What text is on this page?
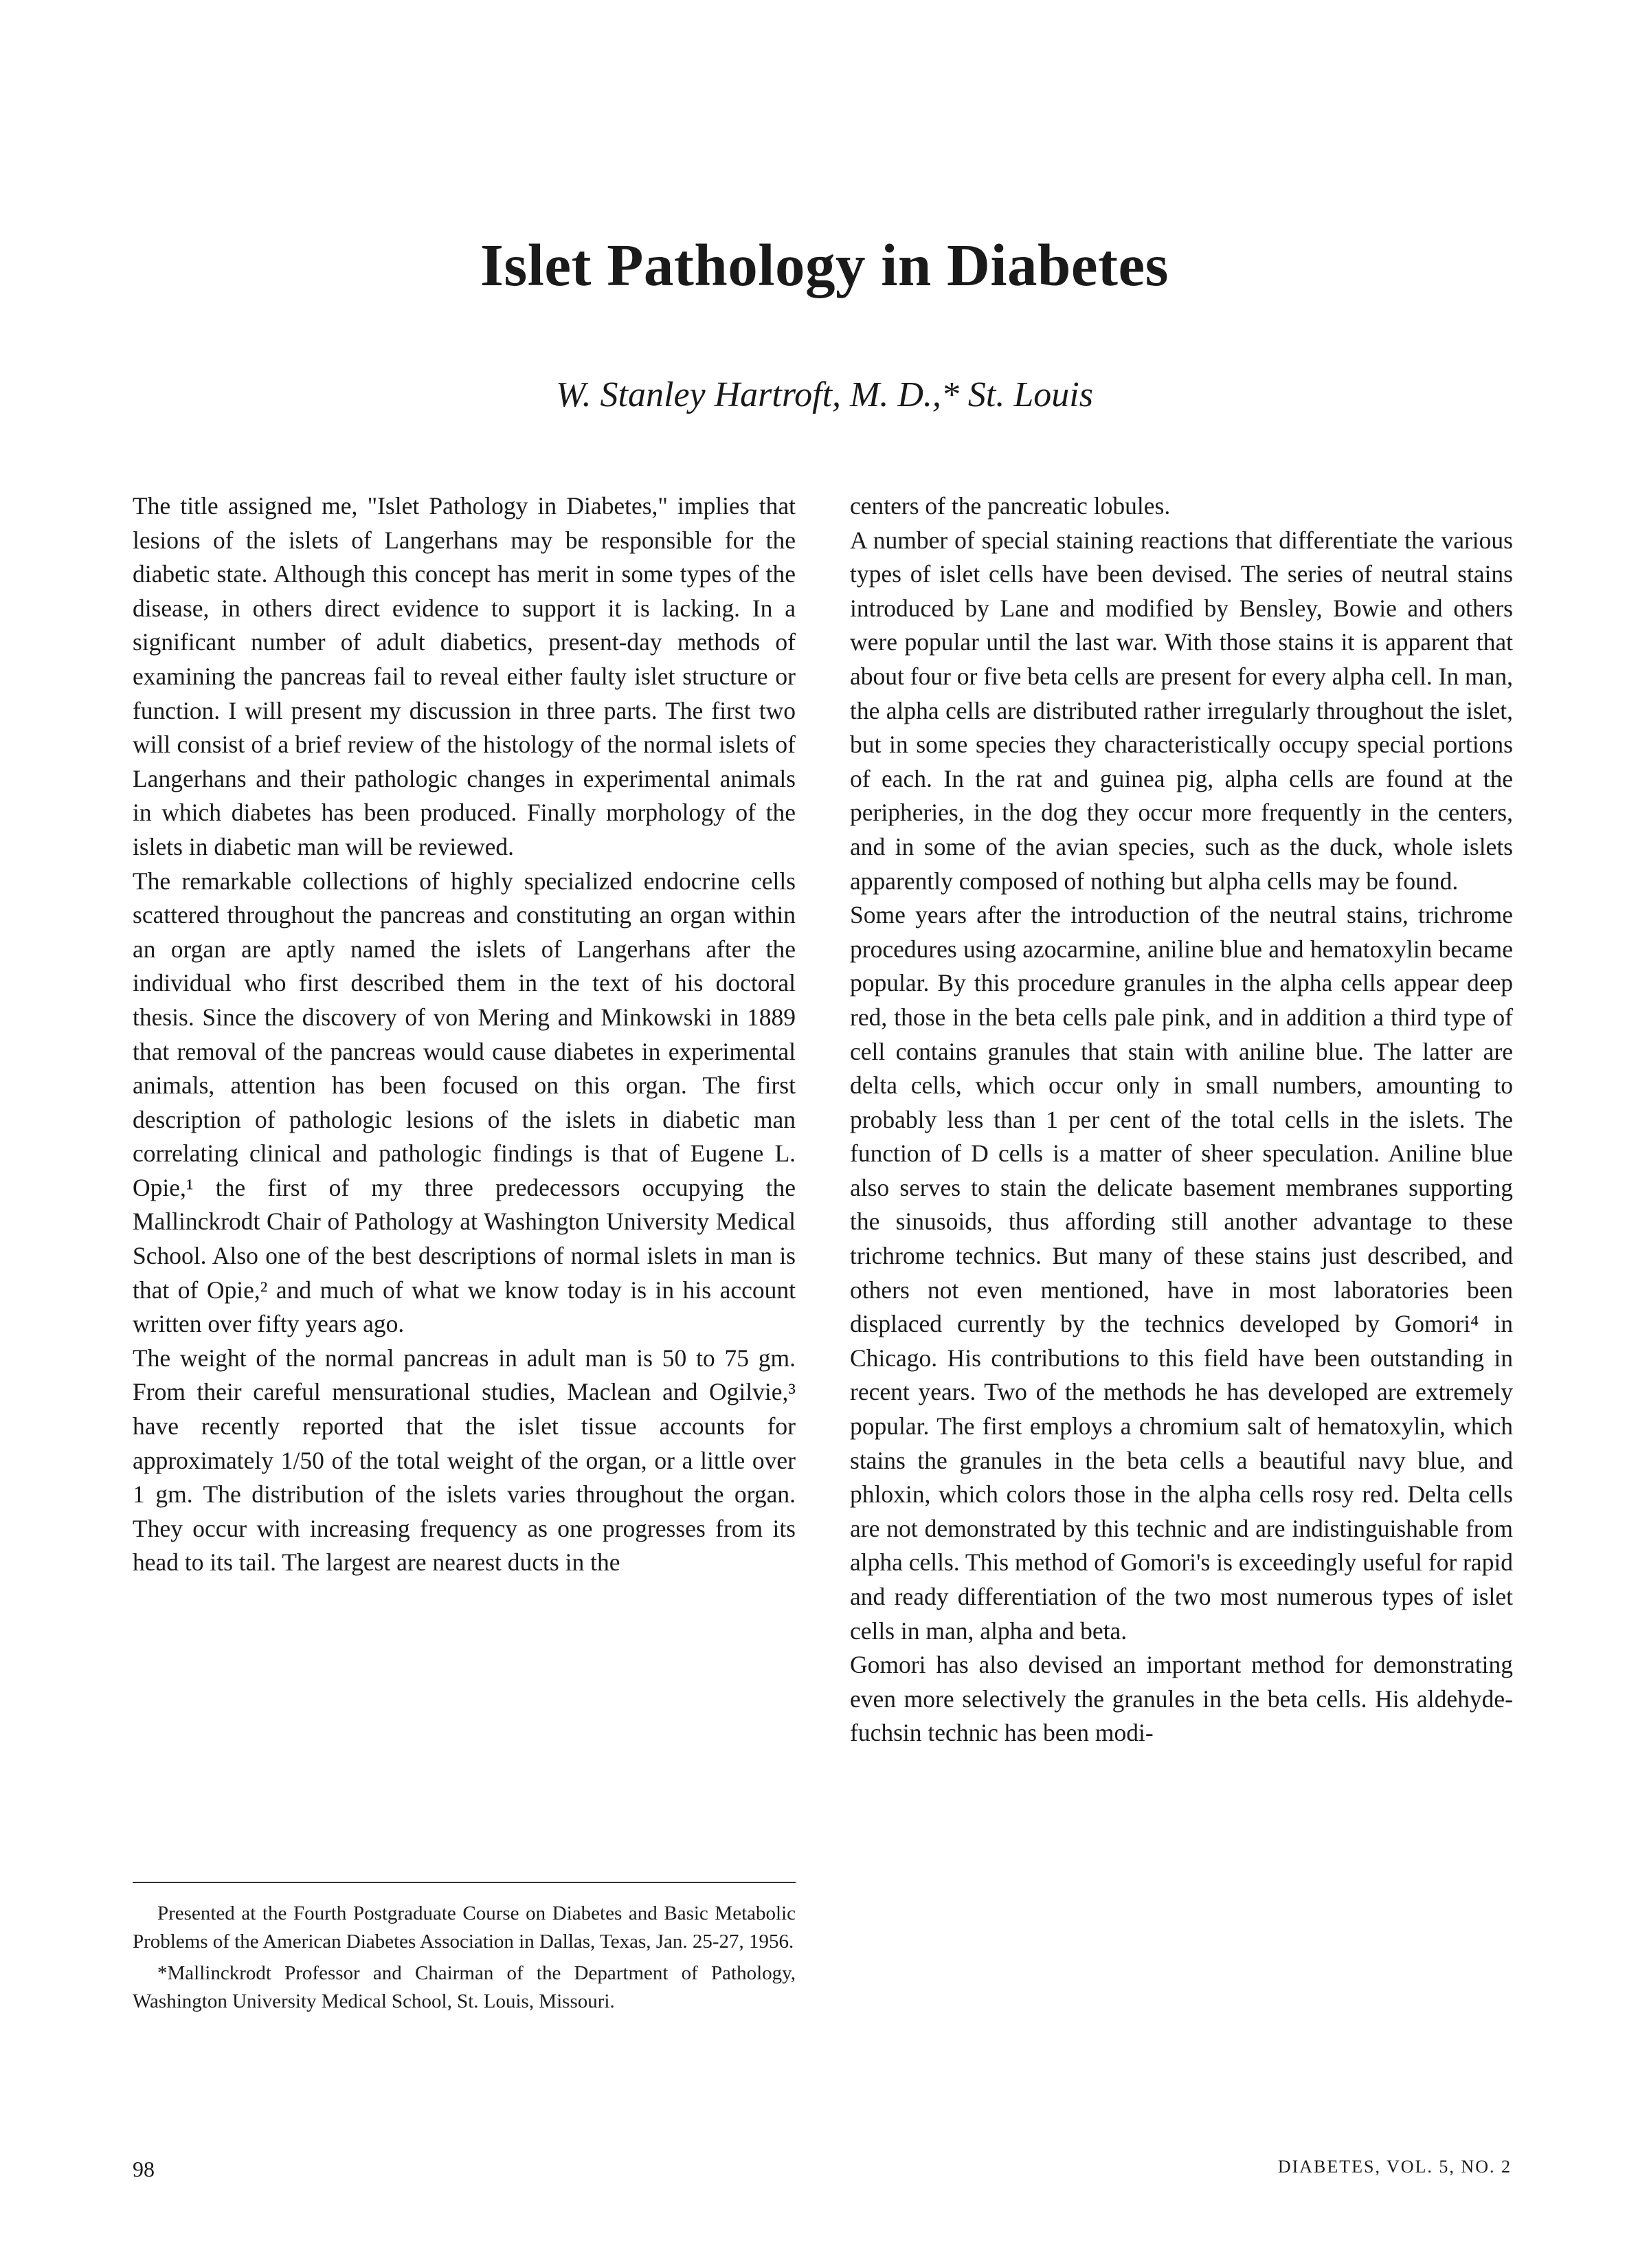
Islet Pathology in Diabetes
W. Stanley Hartroft, M. D.,* St. Louis

The title assigned me, "Islet Pathology in Diabetes," implies that lesions of the islets of Langerhans may be responsible for the diabetic state. Although this concept has merit in some types of the disease, in others direct evidence to support it is lacking. In a significant number of adult diabetics, present-day methods of examining the pancreas fail to reveal either faulty islet structure or function. I will present my discussion in three parts. The first two will consist of a brief review of the histology of the normal islets of Langerhans and their pathologic changes in experimental animals in which diabetes has been produced. Finally morphology of the islets in diabetic man will be reviewed.

The remarkable collections of highly specialized endocrine cells scattered throughout the pancreas and constituting an organ within an organ are aptly named the islets of Langerhans after the individual who first described them in the text of his doctoral thesis. Since the discovery of von Mering and Minkowski in 1889 that removal of the pancreas would cause diabetes in experimental animals, attention has been focused on this organ. The first description of pathologic lesions of the islets in diabetic man correlating clinical and pathologic findings is that of Eugene L. Opie,¹ the first of my three predecessors occupying the Mallinckrodt Chair of Pathology at Washington University Medical School. Also one of the best descriptions of normal islets in man is that of Opie,² and much of what we know today is in his account written over fifty years ago.

The weight of the normal pancreas in adult man is 50 to 75 gm. From their careful mensurational studies, Maclean and Ogilvie,³ have recently reported that the islet tissue accounts for approximately 1/50 of the total weight of the organ, or a little over 1 gm. The distribution of the islets varies throughout the organ. They occur with increasing frequency as one progresses from its head to its tail. The largest are nearest ducts in the

Presented at the Fourth Postgraduate Course on Diabetes and Basic Metabolic Problems of the American Diabetes Association in Dallas, Texas, Jan. 25-27, 1956.

*Mallinckrodt Professor and Chairman of the Department of Pathology, Washington University Medical School, St. Louis, Missouri.

centers of the pancreatic lobules.

A number of special staining reactions that differentiate the various types of islet cells have been devised. The series of neutral stains introduced by Lane and modified by Bensley, Bowie and others were popular until the last war. With those stains it is apparent that about four or five beta cells are present for every alpha cell. In man, the alpha cells are distributed rather irregularly throughout the islet, but in some species they characteristically occupy special portions of each. In the rat and guinea pig, alpha cells are found at the peripheries, in the dog they occur more frequently in the centers, and in some of the avian species, such as the duck, whole islets apparently composed of nothing but alpha cells may be found.

Some years after the introduction of the neutral stains, trichrome procedures using azocarmine, aniline blue and hematoxylin became popular. By this procedure granules in the alpha cells appear deep red, those in the beta cells pale pink, and in addition a third type of cell contains granules that stain with aniline blue. The latter are delta cells, which occur only in small numbers, amounting to probably less than 1 per cent of the total cells in the islets. The function of D cells is a matter of sheer speculation. Aniline blue also serves to stain the delicate basement membranes supporting the sinusoids, thus affording still another advantage to these trichrome technics. But many of these stains just described, and others not even mentioned, have in most laboratories been displaced currently by the technics developed by Gomori⁴ in Chicago. His contributions to this field have been outstanding in recent years. Two of the methods he has developed are extremely popular. The first employs a chromium salt of hematoxylin, which stains the granules in the beta cells a beautiful navy blue, and phloxin, which colors those in the alpha cells rosy red. Delta cells are not demonstrated by this technic and are indistinguishable from alpha cells. This method of Gomori's is exceedingly useful for rapid and ready differentiation of the two most numerous types of islet cells in man, alpha and beta.

Gomori has also devised an important method for demonstrating even more selectively the granules in the beta cells. His aldehyde-fuchsin technic has been modi-

98	DIABETES, VOL. 5, NO. 2
